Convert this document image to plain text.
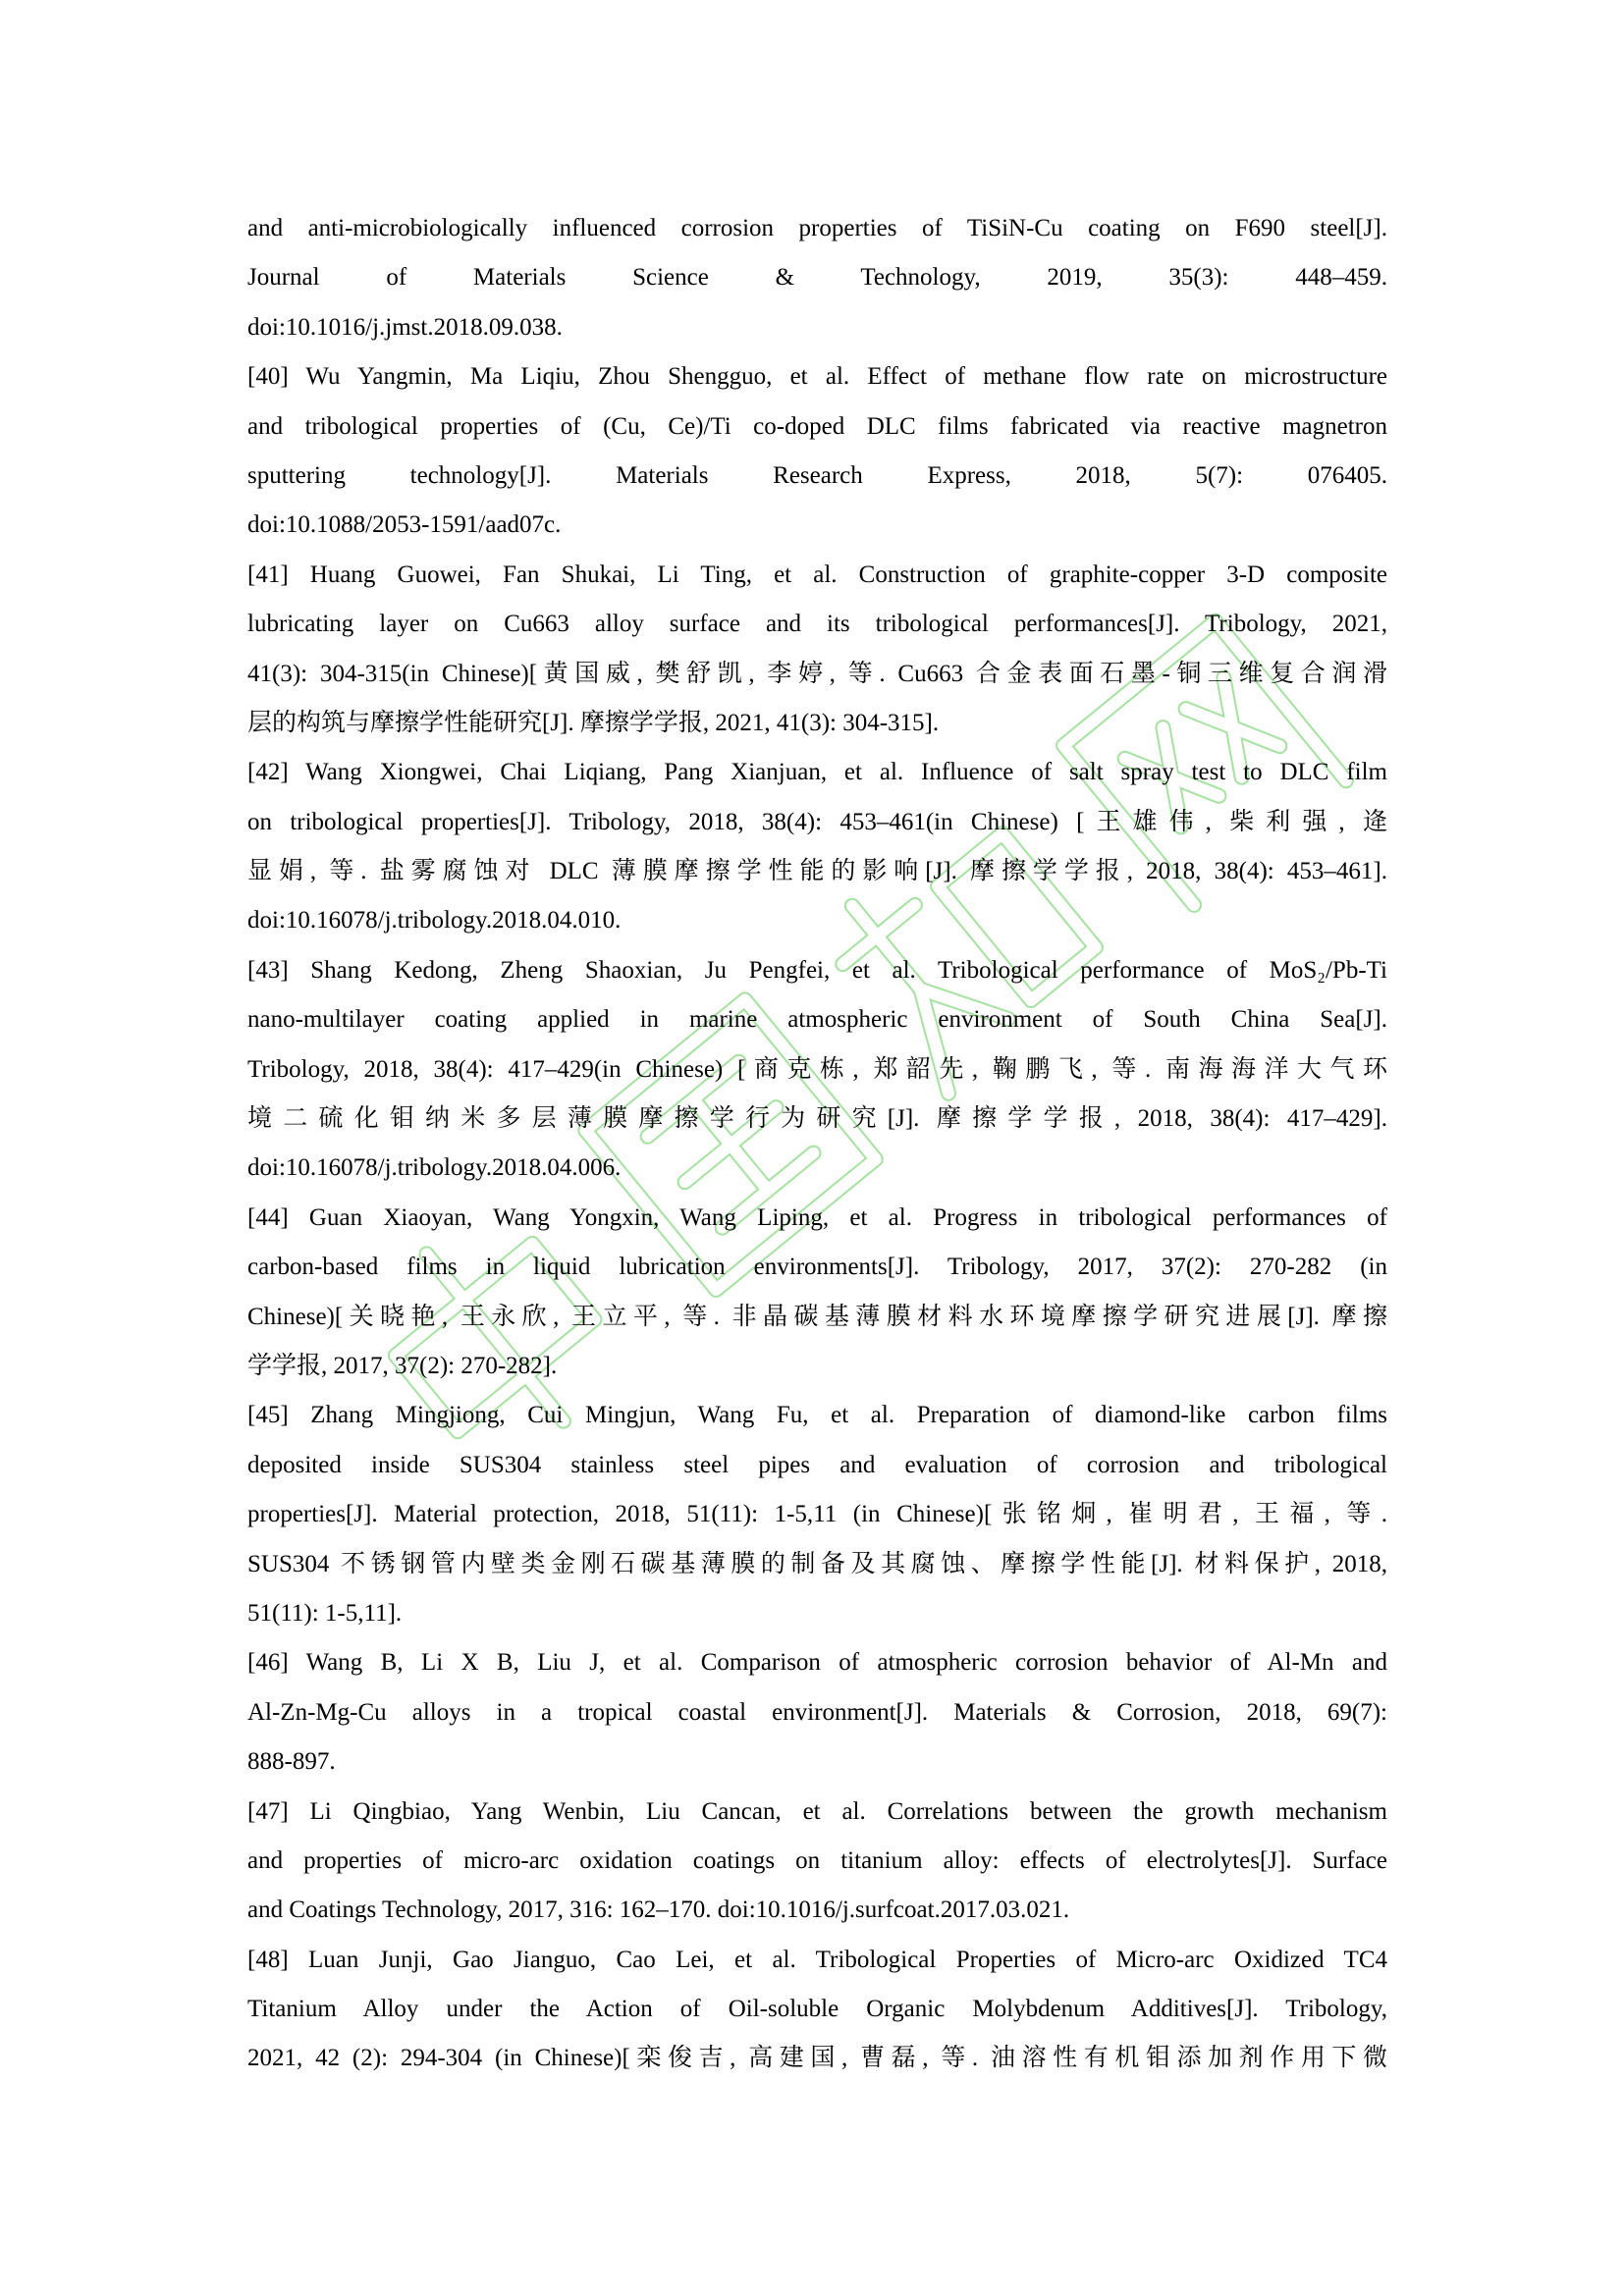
and anti-microbiologically influenced corrosion properties of TiSiN-Cu coating on F690 steel[J].
Journal of Materials Science & Technology, 2019, 35(3): 448–459.
doi:10.1016/j.jmst.2018.09.038.
[40] Wu Yangmin, Ma Liqiu, Zhou Shengguo, et al. Effect of methane flow rate on microstructure
and tribological properties of (Cu, Ce)/Ti co-doped DLC films fabricated via reactive magnetron
sputtering technology[J]. Materials Research Express, 2018, 5(7): 076405.
doi:10.1088/2053-1591/aad07c.
[41] Huang Guowei, Fan Shukai, Li Ting, et al. Construction of graphite-copper 3-D composite
lubricating layer on Cu663 alloy surface and its tribological performances[J]. Tribology, 2021,
41(3): 304-315(in Chinese)[黄国威, 樊舒凯, 李婷, 等. Cu663 合金表面石墨-铜三维复合润滑
层的构筑与摩擦学性能研究[J]. 摩擦学学报, 2021, 41(3): 304-315].
[42] Wang Xiongwei, Chai Liqiang, Pang Xianjuan, et al. Influence of salt spray test to DLC film
on tribological properties[J]. Tribology, 2018, 38(4): 453–461(in Chinese) [王雄伟, 柴利强, 逄
显娟, 等. 盐雾腐蚀对 DLC 薄膜摩擦学性能的影响[J]. 摩擦学学报, 2018, 38(4): 453–461].
doi:10.16078/j.tribology.2018.04.010.
[43] Shang Kedong, Zheng Shaoxian, Ju Pengfei, et al. Tribological performance of MoS₂/Pb-Ti
nano-multilayer coating applied in marine atmospheric environment of South China Sea[J].
Tribology, 2018, 38(4): 417–429(in Chinese) [商克栋, 郑韶先, 鞠鹏飞, 等. 南海海洋大气环
境二硫化钼纳米多层薄膜摩擦学行为研究[J]. 摩擦学学报, 2018, 38(4): 417–429].
doi:10.16078/j.tribology.2018.04.006.
[44] Guan Xiaoyan, Wang Yongxin, Wang Liping, et al. Progress in tribological performances of
carbon-based films in liquid lubrication environments[J]. Tribology, 2017, 37(2): 270-282 (in
Chinese)[关晓艳, 王永欣, 王立平, 等. 非晶碳基薄膜材料水环境摩擦学研究进展[J]. 摩擦
学学报, 2017, 37(2): 270-282].
[45] Zhang Mingjiong, Cui Mingjun, Wang Fu, et al. Preparation of diamond-like carbon films
deposited inside SUS304 stainless steel pipes and evaluation of corrosion and tribological
properties[J]. Material protection, 2018, 51(11): 1-5,11 (in Chinese)[张铭炯, 崔明君, 王福, 等.
SUS304 不锈钢管内壁类金刚石碳基薄膜的制备及其腐蚀、摩擦学性能[J]. 材料保护, 2018,
51(11): 1-5,11].
[46] Wang B, Li X B, Liu J, et al. Comparison of atmospheric corrosion behavior of Al-Mn and
Al-Zn-Mg-Cu alloys in a tropical coastal environment[J]. Materials & Corrosion, 2018, 69(7):
888-897.
[47] Li Qingbiao, Yang Wenbin, Liu Cancan, et al. Correlations between the growth mechanism
and properties of micro-arc oxidation coatings on titanium alloy: effects of electrolytes[J]. Surface
and Coatings Technology, 2017, 316: 162–170. doi:10.1016/j.surfcoat.2017.03.021.
[48] Luan Junji, Gao Jianguo, Cao Lei, et al. Tribological Properties of Micro-arc Oxidized TC4
Titanium Alloy under the Action of Oil-soluble Organic Molybdenum Additives[J]. Tribology,
2021, 42 (2): 294-304 (in Chinese)[栾俊吉, 高建国, 曹磊, 等. 油溶性有机钼添加剂作用下微
